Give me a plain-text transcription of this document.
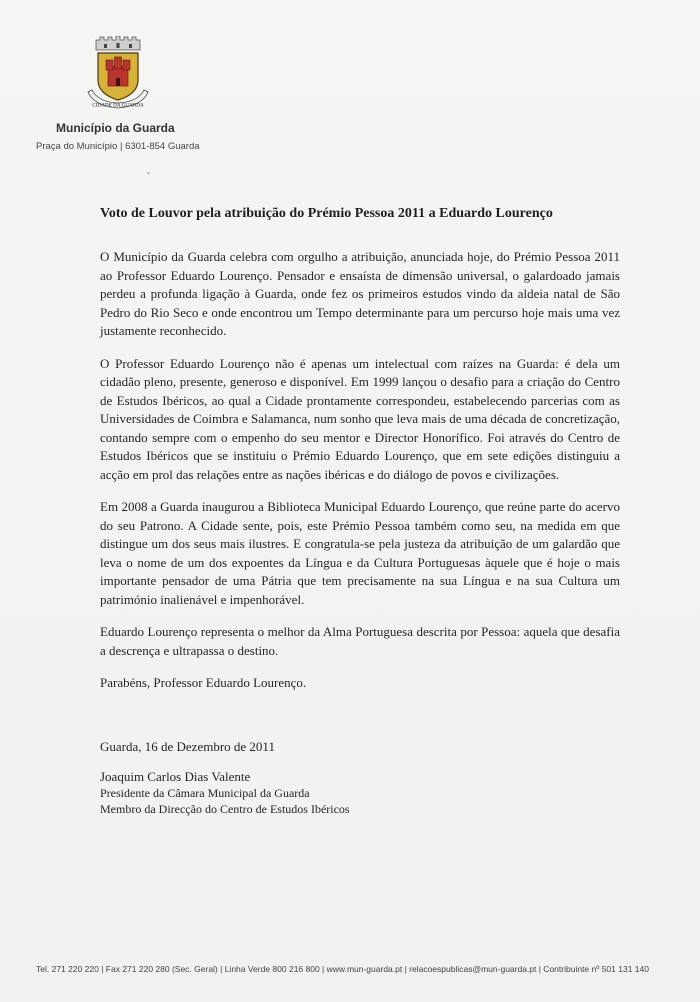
CIDADE DA GUARDA
Município da Guarda
Praça do Município | 6301-854 Guarda
Voto de Louvor pela atribuição do Prémio Pessoa 2011 a Eduardo Lourenço

O Município da Guarda celebra com orgulho a atribuição, anunciada hoje, do Prémio Pessoa 2011 ao Professor Eduardo Lourenço. Pensador e ensaísta de dimensão universal, o galardoado jamais perdeu a profunda ligação à Guarda, onde fez os primeiros estudos vindo da aldeia natal de São Pedro do Rio Seco e onde encontrou um Tempo determinante para um percurso hoje mais uma vez justamente reconhecido.

O Professor Eduardo Lourenço não é apenas um intelectual com raízes na Guarda: é dela um cidadão pleno, presente, generoso e disponível. Em 1999 lançou o desafio para a criação do Centro de Estudos Ibéricos, ao qual a Cidade prontamente correspondeu, estabelecendo parcerias com as Universidades de Coimbra e Salamanca, num sonho que leva mais de uma década de concretização, contando sempre com o empenho do seu mentor e Director Honorífico. Foi através do Centro de Estudos Ibéricos que se instituiu o Prémio Eduardo Lourenço, que em sete edições distinguiu a acção em prol das relações entre as nações ibéricas e do diálogo de povos e civilizações.

Em 2008 a Guarda inaugurou a Biblioteca Municipal Eduardo Lourenço, que reúne parte do acervo do seu Patrono. A Cidade sente, pois, este Prémio Pessoa também como seu, na medida em que distingue um dos seus mais ilustres. E congratula-se pela justeza da atribuição de um galardão que leva o nome de um dos expoentes da Língua e da Cultura Portuguesas àquele que é hoje o mais importante pensador de uma Pátria que tem precisamente na sua Língua e na sua Cultura um património inalienável e impenhorável.

Eduardo Lourenço representa o melhor da Alma Portuguesa descrita por Pessoa: aquela que desafia a descrença e ultrapassa o destino.

Parabéns, Professor Eduardo Lourenço.

Guarda, 16 de Dezembro de 2011
Joaquim Carlos Dias Valente
Presidente da Câmara Municipal da Guarda
Membro da Direcção do Centro de Estudos Ibéricos
Tel. 271 220 220 | Fax 271 220 280 (Sec. Geral) | Linha Verde 800 216 800 | www.mun-guarda.pt | relacoespublicas@mun-guarda.pt | Contribuinte nº 501 131 140
